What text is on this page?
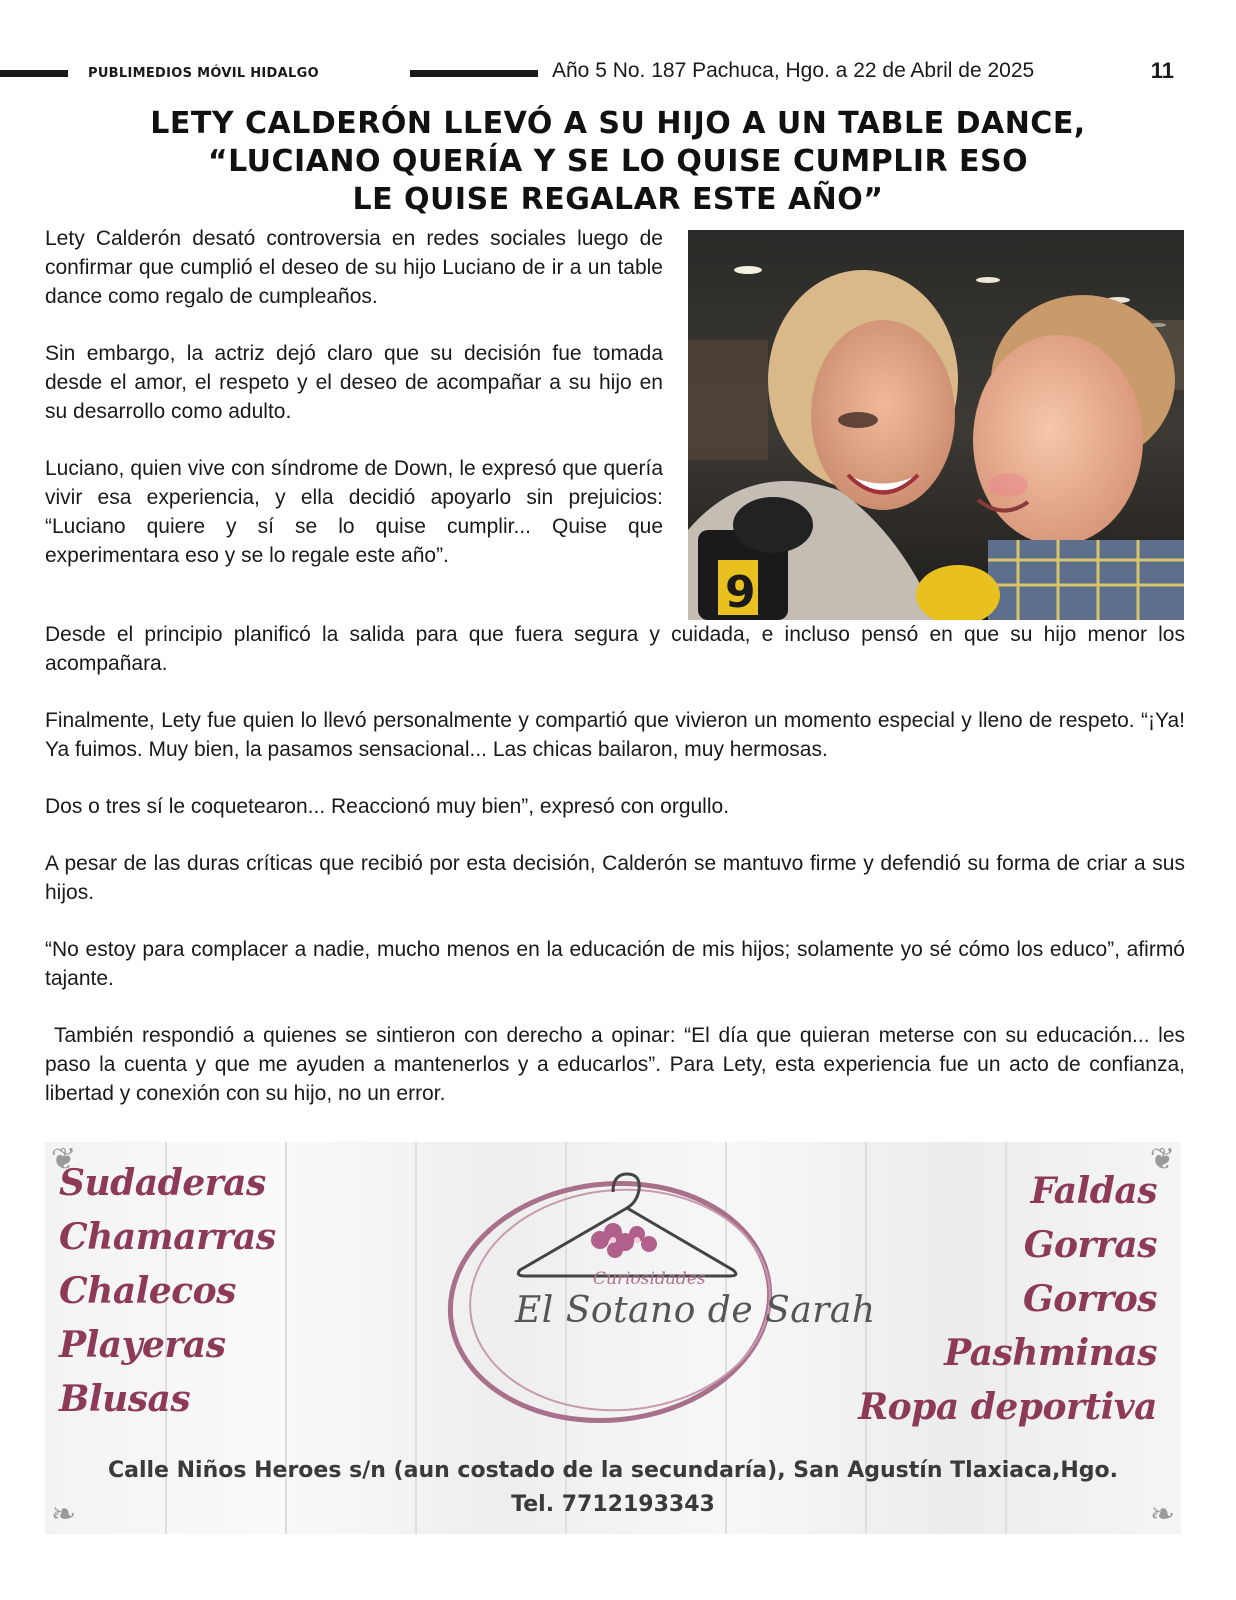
PUBLIMEDIOS MÓVIL HIDALGO	Año 5 No. 187 Pachuca, Hgo. a 22 de Abril de 2025	11
LETY CALDERÓN LLEVÓ A SU HIJO A UN TABLE DANCE,
“LUCIANO QUERÍA Y SE LO QUISE CUMPLIR ESO
LE QUISE REGALAR ESTE AÑO”

Lety Calderón desató controversia en redes sociales luego de confirmar que cumplió el deseo de su hijo Luciano de ir a un table dance como regalo de cumpleaños.

Sin embargo, la actriz dejó claro que su decisión fue tomada desde el amor, el respeto y el deseo de acompañar a su hijo en su desarrollo como adulto.

Luciano, quien vive con síndrome de Down, le expresó que quería vivir esa experiencia, y ella decidió apoyarlo sin prejuicios: “Luciano quiere y sí se lo quise cumplir... Quise que experimentara eso y se lo regale este año”.

9

Desde el principio planificó la salida para que fuera segura y cuidada, e incluso pensó en que su hijo menor los acompañara.

Finalmente, Lety fue quien lo llevó personalmente y compartió que vivieron un momento especial y lleno de respeto. “¡Ya! Ya fuimos. Muy bien, la pasamos sensacional... Las chicas bailaron, muy hermosas.

Dos o tres sí le coquetearon... Reaccionó muy bien”, expresó con orgullo.

A pesar de las duras críticas que recibió por esta decisión, Calderón se mantuvo firme y defendió su forma de criar a sus hijos.

“No estoy para complacer a nadie, mucho menos en la educación de mis hijos; solamente yo sé cómo los educo”, afirmó tajante.

También respondió a quienes se sintieron con derecho a opinar: “El día que quieran meterse con su educación... les paso la cuenta y que me ayuden a mantenerlos y a educarlos”. Para Lety, esta experiencia fue un acto de confianza, libertad y conexión con su hijo, no un error.

❦	❦
❧	❧
Sudaderas
Chamarras
Chalecos
Playeras
Blusas
Faldas
Gorras
Gorros
Pashminas
Ropa deportiva
Curiosidades
El Sotano de Sarah
Calle Niños Heroes s/n (aun costado de la secundaría), San Agustín Tlaxiaca,Hgo.
Tel. 7712193343
